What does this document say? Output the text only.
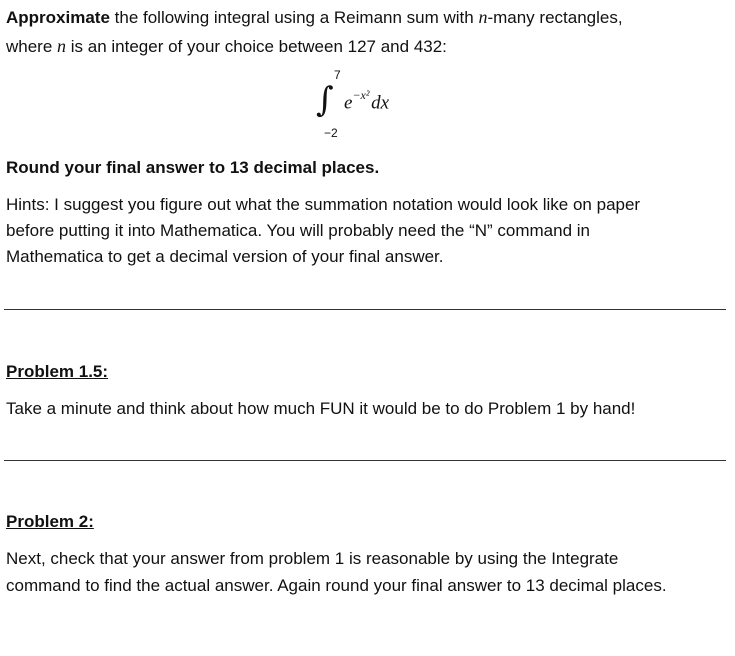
Approximate the following integral using a Reimann sum with n-many rectangles,
where n is an integer of your choice between 127 and 432:
7
∫
−2
$e^{-x^2}$ dx
Round your final answer to 13 decimal places.
Hints: I suggest you figure out what the summation notation would look like on paper
before putting it into Mathematica. You will probably need the “N” command in
Mathematica to get a decimal version of your final answer.
Problem 1.5:
Take a minute and think about how much FUN it would be to do Problem 1 by hand!
Problem 2:
Next, check that your answer from problem 1 is reasonable by using the Integrate
command to find the actual answer. Again round your final answer to 13 decimal places.
